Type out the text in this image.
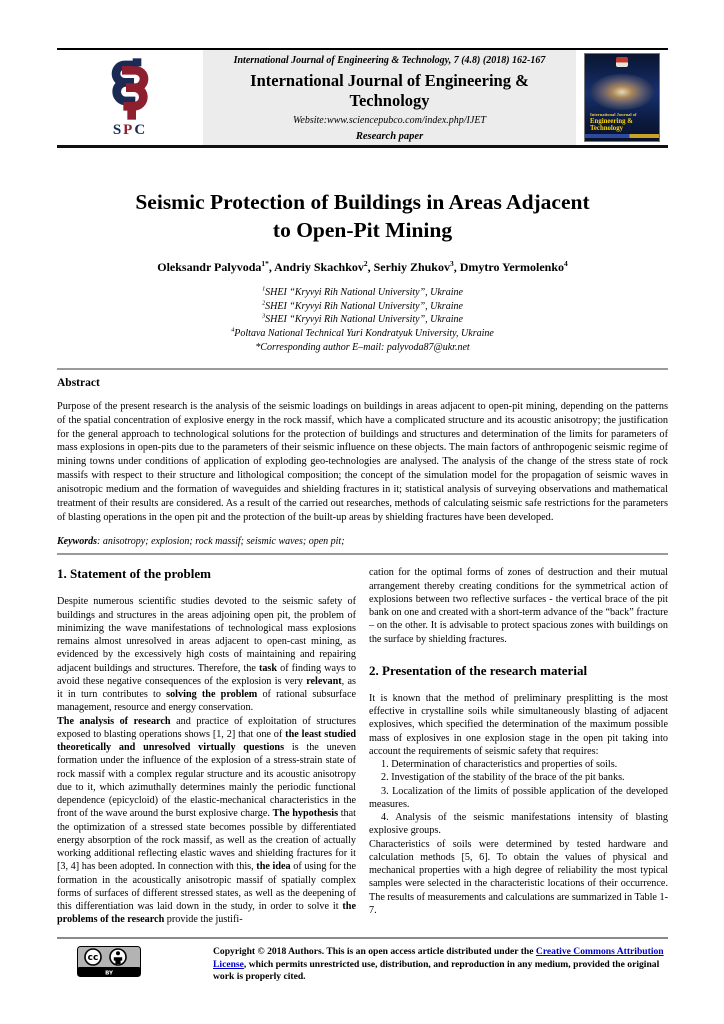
SPC
International Journal of Engineering & Technology, 7 (4.8) (2018) 162-167
International Journal of Engineering & Technology
Website:www.sciencepubco.com/index.php/IJET
Research paper
International Journal of
Engineering & Technology
Seismic Protection of Buildings in Areas Adjacent
to Open-Pit Mining
Oleksandr Palyvoda$^{1*}$, Andriy Skachkov$^2$, Serhiy Zhukov$^3$, Dmytro Yermolenko$^4$
$^1$SHEI “Kryvyi Rih National University”, Ukraine
$^2$SHEI “Kryvyi Rih National University”, Ukraine
$^3$SHEI “Kryvyi Rih National University”, Ukraine
$^4$Poltava National Technical Yuri Kondratyuk University, Ukraine
*Corresponding author E–mail: palyvoda87@ukr.net
Abstract

Purpose of the present research is the analysis of the seismic loadings on buildings in areas adjacent to open-pit mining, depending on the patterns of the spatial concentration of explosive energy in the rock massif, which have a complicated structure and its acoustic anisotropy; the justification for the general approach to technological solutions for the protection of buildings and structures and determination of the limits for parameters of mass explosions in open-pits due to the parameters of their seismic influence on these objects. The main factors of anthropogenic seismic regime of mining towns under conditions of application of exploding geo-technologies are analysed. The analysis of the change of the stress state of rock massifs with respect to their structure and lithological composition; the concept of the simulation model for the propagation of seismic waves in anisotropic medium and the formation of waveguides and shielding fractures in it; statistical analysis of surveying observations and mathematical treatment of their results are considered. As a result of the carried out researches, methods of calculating seismic safe restrictions for the parameters of blasting operations in the open pit and the protection of the built-up areas by shielding fractures have been developed.

Keywords: anisotropy; explosion; rock massif; seismic waves; open pit;
1. Statement of the problem

Despite numerous scientific studies devoted to the seismic safety of buildings and structures in the areas adjoining open pit, the problem of minimizing the wave manifestations of technological mass explosions remains almost unresolved in areas adjacent to open-cast mining, as evidenced by the excessively high costs of maintaining and repairing adjacent buildings and structures. Therefore, the task of finding ways to avoid these negative consequences of the explosion is very relevant, as it in turn contributes to solving the problem of rational subsurface management, resource and energy conservation.

The analysis of research and practice of exploitation of structures exposed to blasting operations shows [1, 2] that one of the least studied theoretically and unresolved virtually questions is the uneven formation under the influence of the explosion of a stress-strain state of rock massif with a complex regular structure and its acoustic anisotropy due to it, which azimuthally determines mainly the periodic functional dependence (epicycloid) of the elastic-mechanical characteristics in the front of the wave around the burst explosive charge. The hypothesis that the optimization of a stressed state becomes possible by differentiated energy absorption of the rock massif, as well as the creation of actually working additional reflecting elastic waves and shielding fractures for it [3, 4] has been adopted. In connection with this, the idea of using for the formation in the acoustically anisotropic massif of spatially complex forms of surfaces of different stressed states, as well as the deepening of this differentiation was laid down in the study, in order to solve it the problems of the research provide the justifi-

cation for the optimal forms of zones of destruction and their mutual arrangement thereby creating conditions for the symmetrical action of explosions between two reflective surfaces - the vertical brace of the pit bank on one and created with a short-term advance of the “back” fracture – on the other. It is advisable to protect spacious zones with buildings on the surface by shielding fractures.

2. Presentation of the research material

It is known that the method of preliminary presplitting is the most effective in crystalline soils while simultaneously blasting of adjacent explosives, which specified the determination of the maximum possible mass of explosives in one explosion stage in the open pit taking into account the requirements of seismic safety that requires:

1. Determination of characteristics and properties of soils.

2. Investigation of the stability of the brace of the pit banks.

3. Localization of the limits of possible application of the developed measures.

4. Analysis of the seismic manifestations intensity of blasting explosive groups.

Characteristics of soils were determined by tested hardware and calculation methods [5, 6]. To obtain the values of physical and mechanical properties with a high degree of reliability the most typical samples were selected in the characteristic locations of their occurrence. The results of measurements and calculations are summarized in Table 1-7.

cc
BY
Copyright © 2018 Authors. This is an open access article distributed under the Creative Commons Attribution License, which permits unrestricted use, distribution, and reproduction in any medium, provided the original work is properly cited.
